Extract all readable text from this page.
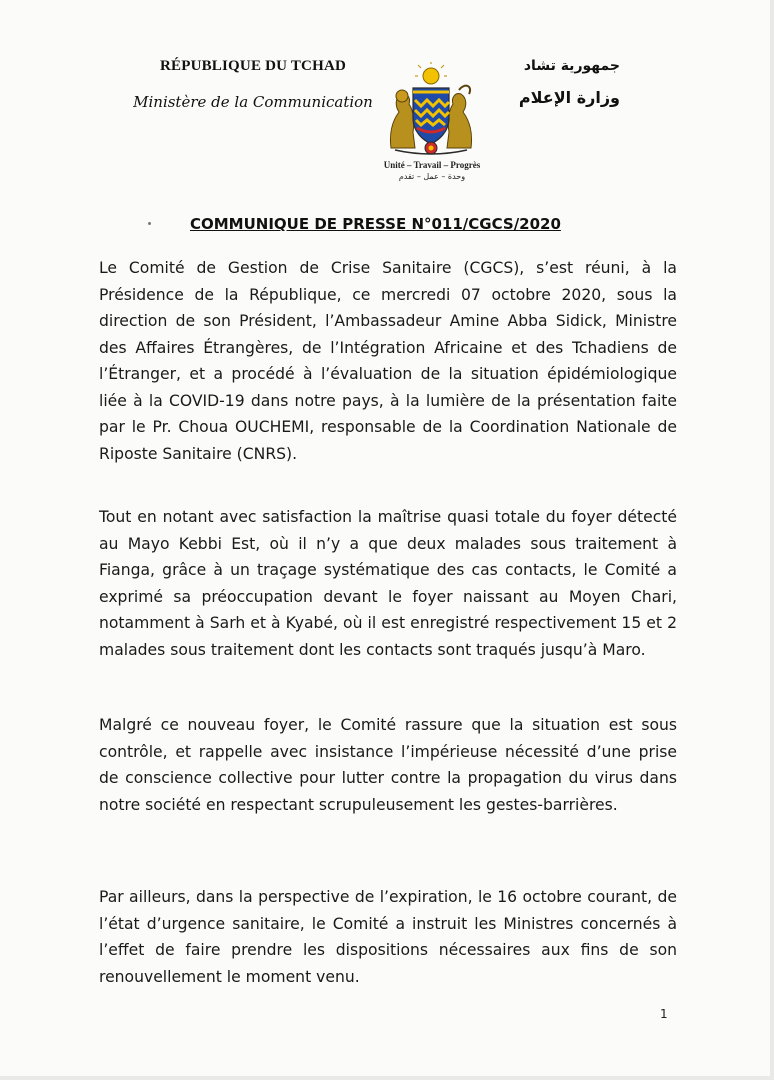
RÉPUBLIQUE DU TCHAD
Ministère de la Communication
جمهورية تشاد
وزارة الإعلام
Unité – Travail – Progrès
وحدة – عمل – تقدم
COMMUNIQUE DE PRESSE N°011/CGCS/2020
Le Comité de Gestion de Crise Sanitaire (CGCS), s’est réuni, à la Présidence de la République, ce mercredi 07 octobre 2020, sous la direction de son Président, l’Ambassadeur Amine Abba Sidick, Ministre des Affaires Étrangères, de l’Intégration Africaine et des Tchadiens de l’Étranger, et a procédé à l’évaluation de la situation épidémiologique liée à la COVID-19 dans notre pays, à la lumière de la présentation faite par le Pr. Choua OUCHEMI, responsable de la Coordination Nationale de Riposte Sanitaire (CNRS).
Tout en notant avec satisfaction la maîtrise quasi totale du foyer détecté au Mayo Kebbi Est, où il n’y a que deux malades sous traitement à Fianga, grâce à un traçage systématique des cas contacts, le Comité a exprimé sa préoccupation devant le foyer naissant au Moyen Chari, notamment à Sarh et à Kyabé, où il est enregistré respectivement 15 et 2 malades sous traitement dont les contacts sont traqués jusqu’à Maro.
Malgré ce nouveau foyer, le Comité rassure que la situation est sous contrôle, et rappelle avec insistance l’impérieuse nécessité d’une prise de conscience collective pour lutter contre la propagation du virus dans notre société en respectant scrupuleusement les gestes-barrières.
Par ailleurs, dans la perspective de l’expiration, le 16 octobre courant, de l’état d’urgence sanitaire, le Comité a instruit les Ministres concernés à l’effet de faire prendre les dispositions nécessaires aux fins de son renouvellement le moment venu.
1
